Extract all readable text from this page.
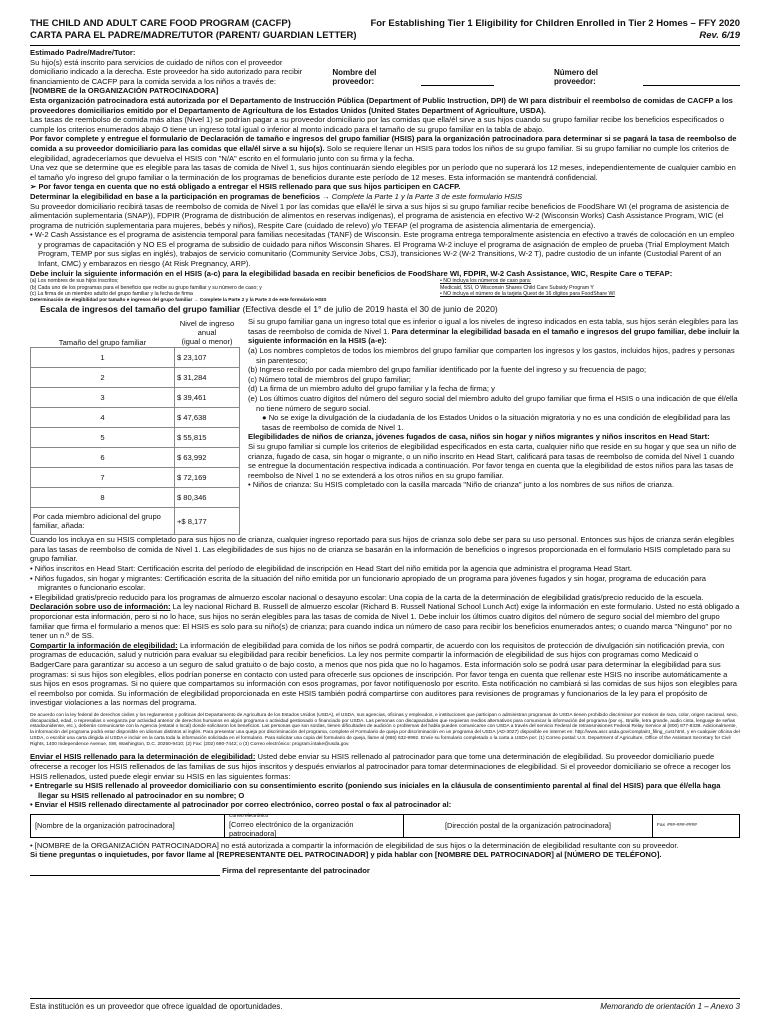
THE CHILD AND ADULT CARE FOOD PROGRAM (CACFP)
CARTA PARA EL PADRE/MADRE/TUTOR (PARENT/ GUARDIAN LETTER)
For Establishing Tier 1 Eligibility for Children Enrolled in Tier 2 Homes – FFY 2020
Rev. 6/19

Estimado Padre/Madre/Tutor:

Su hijo(s) está inscrito para servicios de cuidado de niños con el proveedor domiciliario indicado a la derecha. Este proveedor ha sido autorizado para recibir financiamiento de CACFP para la comida servida a los niños a través de: [NOMBRE de la ORGANIZACIÓN PATROCINADORA]

Nombre del proveedor:
Número del proveedor:

Esta organización patrocinadora está autorizada por el Departamento de Instrucción Pública (Department of Public Instruction, DPI) de WI para distribuir el reembolso de comidas de CACFP a los proveedores domiciliarios emitido por el Departamento de Agricultura de los Estados Unidos (United States Department of Agriculture, USDA).

Las tasas de reembolso de comida más altas (Nivel 1) se podrían pagar a su proveedor domiciliario por las comidas que ella/él sirve a sus hijos cuando su grupo familiar recibe los beneficios especificados o cumple los criterios enumerados abajo O tiene un ingreso total igual o inferior al monto indicado para el tamaño de su grupo familiar en la tabla de abajo.

Por favor complete y entregue el formulario de Declaración de tamaño e ingresos del grupo familiar (HSIS) para la organización patrocinadora para determinar si se pagará la tasa de reembolso de comida a su proveedor domiciliario para las comidas que ella/él sirve a su hijo(s). Solo se requiere llenar un HSIS para todos los niños de su grupo familiar. Si su grupo familiar no cumple los criterios de elegibilidad, agradeceríamos que devuelva el HSIS con "N/A" escrito en el formulario junto con su firma y la fecha.

Una vez que se determine que es elegible para las tasas de comida de Nivel 1, sus hijos continuarán siendo elegibles por un período que no superará los 12 meses, independientemente de cualquier cambio en el tamaño y/o ingreso del grupo familiar o la terminación de los programas de beneficios durante este período de 12 meses. Esta información se mantendrá confidencial.

➢ Por favor tenga en cuenta que no está obligado a entregar el HSIS rellenado para que sus hijos participen en CACFP.

Determinar la elegibilidad en base a la participación en programas de beneficios → Complete la Parte 1 y la Parte 3 de este formulario HSIS

Su proveedor domiciliario recibirá tasas de reembolso de comida de Nivel 1 por las comidas que ella/él le sirva a sus hijos si su grupo familiar recibe beneficios de FoodShare WI (el programa de asistencia de alimentación suplementaria (SNAP)), FDPIR (Programa de distribución de alimentos en reservas indígenas), el programa de asistencia en efectivo W-2 (Wisconsin Works) Cash Assistance Program, WIC (el programa de nutrición suplementaria para mujeres, bebés y niños), Respite Care (cuidado de relevo) y/o TEFAP (el programa de asistencia alimentaria de emergencia).

• W-2 Cash Assistance es el programa de asistencia temporal para familias necesitadas (TANF) de Wisconsin. Este programa entrega temporalmente asistencia en efectivo a través de colocación en un empleo y programas de capacitación y NO ES el programa de subsidio de cuidado para niños Wisconsin Shares. El Programa W-2 incluye el programa de asignación de empleo de prueba (Trial Employment Match Program, TEMP por sus siglas en inglés), trabajos de servicio comunitario (Community Service Jobs, CSJ), transiciones W-2 (W-2 Transitions, W-2 T), padre custodio de un infante (Custodial Parent of an Infant, CMC) y embarazos en riesgo (At Risk Pregnancy, ARP).

Debe incluir la siguiente información en el HSIS (a-c) para la elegibilidad basada en recibir beneficios de FoodShare WI, FDPIR, W-2 Cash Assistance, WIC, Respite Care o TEFAP:

(a) Los nombres de sus hijos inscritos;
(b) Cada uno de los programas para el beneficio que recibe su grupo familiar y su número de caso; y
(c) La firma de un miembro adulto del grupo familiar y la fecha de firma
• NO incluya los números de caso para:
Medicaid, SSI, O Wisconsin Shares Child Care Subsidy Program Y
• NO incluya el número de la tarjeta Quest de 16 dígitos para FoodShare WI
Determinación de elegibilidad por tamaño e ingresos del grupo familiar → Complete la Parte 2 y la Parte 3 de este formulario HSIS

Escala de ingresos del tamaño del grupo familiar (Efectiva desde el 1° de julio de 2019 hasta el 30 de junio de 2020)

Tamaño del grupo familiar	Nivel de ingreso anual
(igual o menor)

1	$ 23,107
2	$ 31,284
3	$ 39,461
4	$ 47,638
5	$ 55,815
6	$ 63,992
7	$ 72,169
8	$ 80,346
Por cada miembro adicional del grupo familiar, añada:	+$ 8,177

Si su grupo familiar gana un ingreso total que es inferior o igual a los niveles de ingreso indicados en esta tabla, sus hijos serán elegibles para las tasas de reembolso de comida de Nivel 1. Para determinar la elegibilidad basada en el tamaño e ingresos del grupo familiar, debe incluir la siguiente información en la HSIS (a-e):

(a) Los nombres completos de todos los miembros del grupo familiar que comparten los ingresos y los gastos, incluidos hijos, padres y personas sin parentesco;

(b) Ingreso recibido por cada miembro del grupo familiar identificado por la fuente del ingreso y su frecuencia de pago;

(c) Número total de miembros del grupo familiar;

(d) La firma de un miembro adulto del grupo familiar y la fecha de firma; y

(e) Los últimos cuatro dígitos del número del seguro social del miembro adulto del grupo familiar que firma el HSIS o una indicación de que él/ella no tiene número de seguro social.

● No se exige la divulgación de la ciudadanía de los Estados Unidos o la situación migratoria y no es una condición de elegibilidad para las tasas de reembolso de comida de Nivel 1.

Elegibilidades de niños de crianza, jóvenes fugados de casa, niños sin hogar y niños migrantes y niños inscritos en Head Start:

Si su grupo familiar si cumple los criterios de elegibilidad especificados en esta carta, cualquier niño que reside en su hogar y que sea un niño de crianza, fugado de casa, sin hogar o migrante, o un niño inscrito en Head Start, calificará para tasas de reembolso de comida del Nivel 1 cuando se entregue la documentación respectiva indicada a continuación. Por favor tenga en cuenta que la elegibilidad de estos niños para las tasas de reembolso de Nivel 1 no se extenderá a los otros niños en su grupo familiar.

• Niños de crianza: Su HSIS completado con la casilla marcada "Niño de crianza" junto a los nombres de sus niños de crianza.

Cuando los incluya en su HSIS completado para sus hijos no de crianza, cualquier ingreso reportado para sus hijos de crianza solo debe ser para su uso personal. Entonces sus hijos de crianza serán elegibles para las tasas de reembolso de comida de Nivel 1. Las elegibilidades de sus hijos no de crianza se basarán en la información de beneficios o ingresos proporcionada en el formulario HSIS completado para su grupo familiar.

• Niños inscritos en Head Start: Certificación escrita del período de elegibilidad de inscripción en Head Start del niño emitida por la agencia que administra el programa Head Start.

• Niños fugados, sin hogar y migrantes: Certificación escrita de la situación del niño emitida por un funcionario apropiado de un programa para jóvenes fugados y sin hogar, programa de educación para migrantes o funcionario escolar.

• Elegibilidad gratis/precio reducido para los programas de almuerzo escolar nacional o desayuno escolar: Una copia de la carta de la determinación de elegibilidad gratis/precio reducido de la escuela.

Declaración sobre uso de información: La ley nacional Richard B. Russell de almuerzo escolar (Richard B. Russell National School Lunch Act) exige la información en este formulario. Usted no está obligado a proporcionar esta información, pero si no lo hace, sus hijos no serán elegibles para las tasas de comida de Nivel 1. Debe incluir los últimos cuatro dígitos del número de seguro social del miembro del grupo familiar que firma el formulario a menos que: El HSIS es solo para su niño(s) de crianza; para cuando indica un número de caso para recibir los beneficios enumerados antes; o cuando marca "Ninguno" por no tener un n.º de SS.

Compartir la información de elegibilidad: La información de elegibilidad para comida de los niños se podrá compartir, de acuerdo con los requisitos de protección de divulgación sin notificación previa, con programas de educación, salud y nutrición para evaluar su elegibilidad para recibir beneficios. La ley nos permite compartir la información de elegibilidad de sus hijos con programas como Medicaid o BadgerCare para garantizar su acceso a un seguro de salud gratuito o de bajo costo, a menos que nos pida que no lo hagamos. Esta información solo se podrá usar para determinar la elegibilidad para sus programas: si sus hijos son elegibles, ellos podrían ponerse en contacto con usted para ofrecerle sus opciones de inscripción. Por favor tenga en cuenta que rellenar este HSIS no inscribe automáticamente a sus hijos en esos programas. Si no quiere que compartamos su información con esos programas, por favor notifíquenoslo por escrito. Esta notificación no cambiará si las comidas de sus hijos son elegibles para el reembolso por comida. Su información de elegibilidad proporcionada en este HSIS también podrá compartirse con auditores para revisiones de programas y funcionarios de la ley para el propósito de investigar violaciones a las normas del programa.

De acuerdo con la ley federal de derechos civiles y los reglamentos y políticas del Departamento de Agricultura de los Estados Unidos (USDA), el USDA, sus agencias, oficinas y empleados, e instituciones que participan o administran programas de USDA tienen prohibido discriminar por motivos de raza, color, origen nacional, sexo, discapacidad, edad, o represalias o venganza por actividad anterior de derechos humanos en algún programa o actividad gestionado o financiado por USDA. Las personas con discapacidades que requieran medios alternativos para comunicar la información del programa (por ej., Braille, letra grande, audio cinta, lenguaje de señas estadounidense, etc.), deberán comunicarse con la Agencia (estatal o local) donde solicitaron los beneficios. Las personas que son sordas, tienen dificultades de audición o problemas del habla pueden comunicarse con USDA a través del servicio Federal de retransmisiones Federal Relay Service al (800) 877-8339. Adicionalmente, la información del programa podrá estar disponible en idiomas distintos al inglés. Para presentar una queja por discriminación del programa, complete el Formulario de queja por discriminación en un programa del USDA (AD-3027) disponible en internet en: http://www.ascr.usda.gov/complaint_filing_cust.html, y en cualquier oficina del USDA, o escribir una carta dirigida al USDA e incluir en la carta toda la información solicitada en el formulario. Para solicitar una copia del formulario de queja, llame al (866) 632-9992. Envíe su formulario completado o la carta a USDA por: (1) Correo postal: U.S. Department of Agriculture, Office of the Assistant Secretary for Civil Rights, 1400 Independence Avenue, SW, Washington, D.C. 20250-9410; (2) Fax: (202) 690-7442; o (3) Correo electrónico: program.intake@usda.gov.

Enviar el HSIS rellenado para la determinación de elegibilidad: Usted debe enviar su HSIS rellenado al patrocinador para que tome una determinación de elegibilidad. Su proveedor domiciliario puede ofrecerse a recoger los HSIS rellenados de las familias de sus hijos inscritos y después enviarlos al patrocinador para tomar determinaciones de elegibilidad. Si el proveedor domiciliario se ofrece a recoger los HSIS rellenados, usted puede elegir enviar su HSIS en las siguientes formas:

• Entregarle su HSIS rellenado al proveedor domiciliario con su consentimiento escrito (poniendo sus iniciales en la cláusula de consentimiento parental al final del HSIS) para que él/ella haga llegar su HSIS rellenado al patrocinador en su nombre; O

• Enviar el HSIS rellenado directamente al patrocinador por correo electrónico, correo postal o fax al patrocinador al:

[Nombre de la organización patrocinadora]
Correo electrónico
[Correo electrónico de la organización patrocinadora]
[Dirección postal de la organización patrocinadora]	Fax
###-###-####

• [NOMBRE de la ORGANIZACIÓN PATROCINADORA] no está autorizada a compartir la información de elegibilidad de sus hijos o la determinación de elegibilidad resultante con su proveedor.

Si tiene preguntas o inquietudes, por favor llame al [REPRESENTANTE DEL PATROCINADOR] y pida hablar con [NOMBRE DEL PATROCINADOR] al [NÚMERO DE TELÉFONO].

Firma del representante del patrocinador

Esta institución es un proveedor que ofrece igualdad de oportunidades.	Memorando de orientación 1 – Anexo 3
